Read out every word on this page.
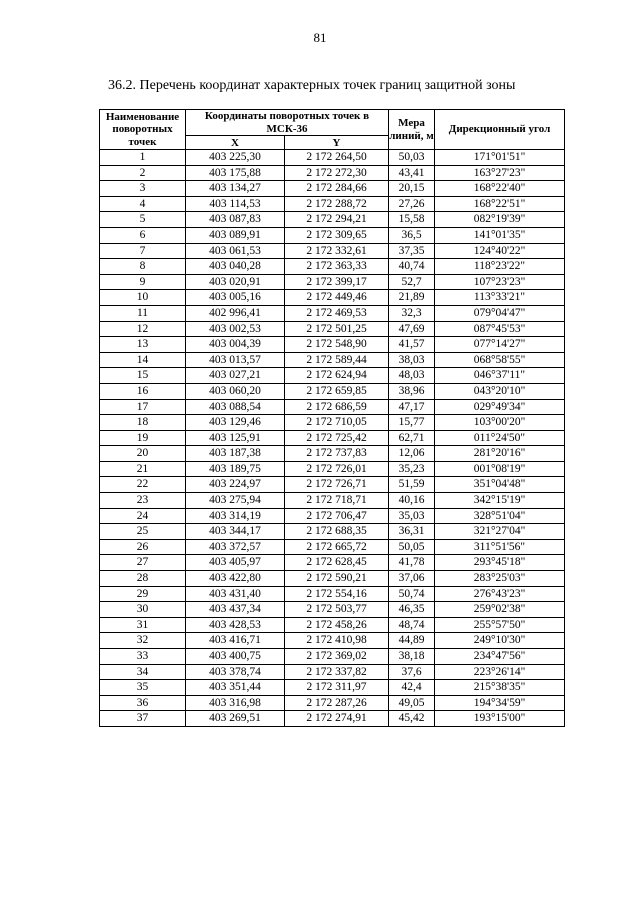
81
36.2. Перечень координат характерных точек границ защитной зоны
Наименование поворотных точек	Координаты поворотных точек в МСК-36		Мера линий, м	Дирекционный угол
	X	Y		
1	403 225,30	2 172 264,50	50,03	171°01'51"
2	403 175,88	2 172 272,30	43,41	163°27'23"
3	403 134,27	2 172 284,66	20,15	168°22'40"
4	403 114,53	2 172 288,72	27,26	168°22'51"
5	403 087,83	2 172 294,21	15,58	082°19'39"
6	403 089,91	2 172 309,65	36,5	141°01'35"
7	403 061,53	2 172 332,61	37,35	124°40'22"
8	403 040,28	2 172 363,33	40,74	118°23'22"
9	403 020,91	2 172 399,17	52,7	107°23'23"
10	403 005,16	2 172 449,46	21,89	113°33'21"
11	402 996,41	2 172 469,53	32,3	079°04'47"
12	403 002,53	2 172 501,25	47,69	087°45'53"
13	403 004,39	2 172 548,90	41,57	077°14'27"
14	403 013,57	2 172 589,44	38,03	068°58'55"
15	403 027,21	2 172 624,94	48,03	046°37'11"
16	403 060,20	2 172 659,85	38,96	043°20'10"
17	403 088,54	2 172 686,59	47,17	029°49'34"
18	403 129,46	2 172 710,05	15,77	103°00'20"
19	403 125,91	2 172 725,42	62,71	011°24'50"
20	403 187,38	2 172 737,83	12,06	281°20'16"
21	403 189,75	2 172 726,01	35,23	001°08'19"
22	403 224,97	2 172 726,71	51,59	351°04'48"
23	403 275,94	2 172 718,71	40,16	342°15'19"
24	403 314,19	2 172 706,47	35,03	328°51'04"
25	403 344,17	2 172 688,35	36,31	321°27'04"
26	403 372,57	2 172 665,72	50,05	311°51'56"
27	403 405,97	2 172 628,45	41,78	293°45'18"
28	403 422,80	2 172 590,21	37,06	283°25'03"
29	403 431,40	2 172 554,16	50,74	276°43'23"
30	403 437,34	2 172 503,77	46,35	259°02'38"
31	403 428,53	2 172 458,26	48,74	255°57'50"
32	403 416,71	2 172 410,98	44,89	249°10'30"
33	403 400,75	2 172 369,02	38,18	234°47'56"
34	403 378,74	2 172 337,82	37,6	223°26'14"
35	403 351,44	2 172 311,97	42,4	215°38'35"
36	403 316,98	2 172 287,26	49,05	194°34'59"
37	403 269,51	2 172 274,91	45,42	193°15'00"
